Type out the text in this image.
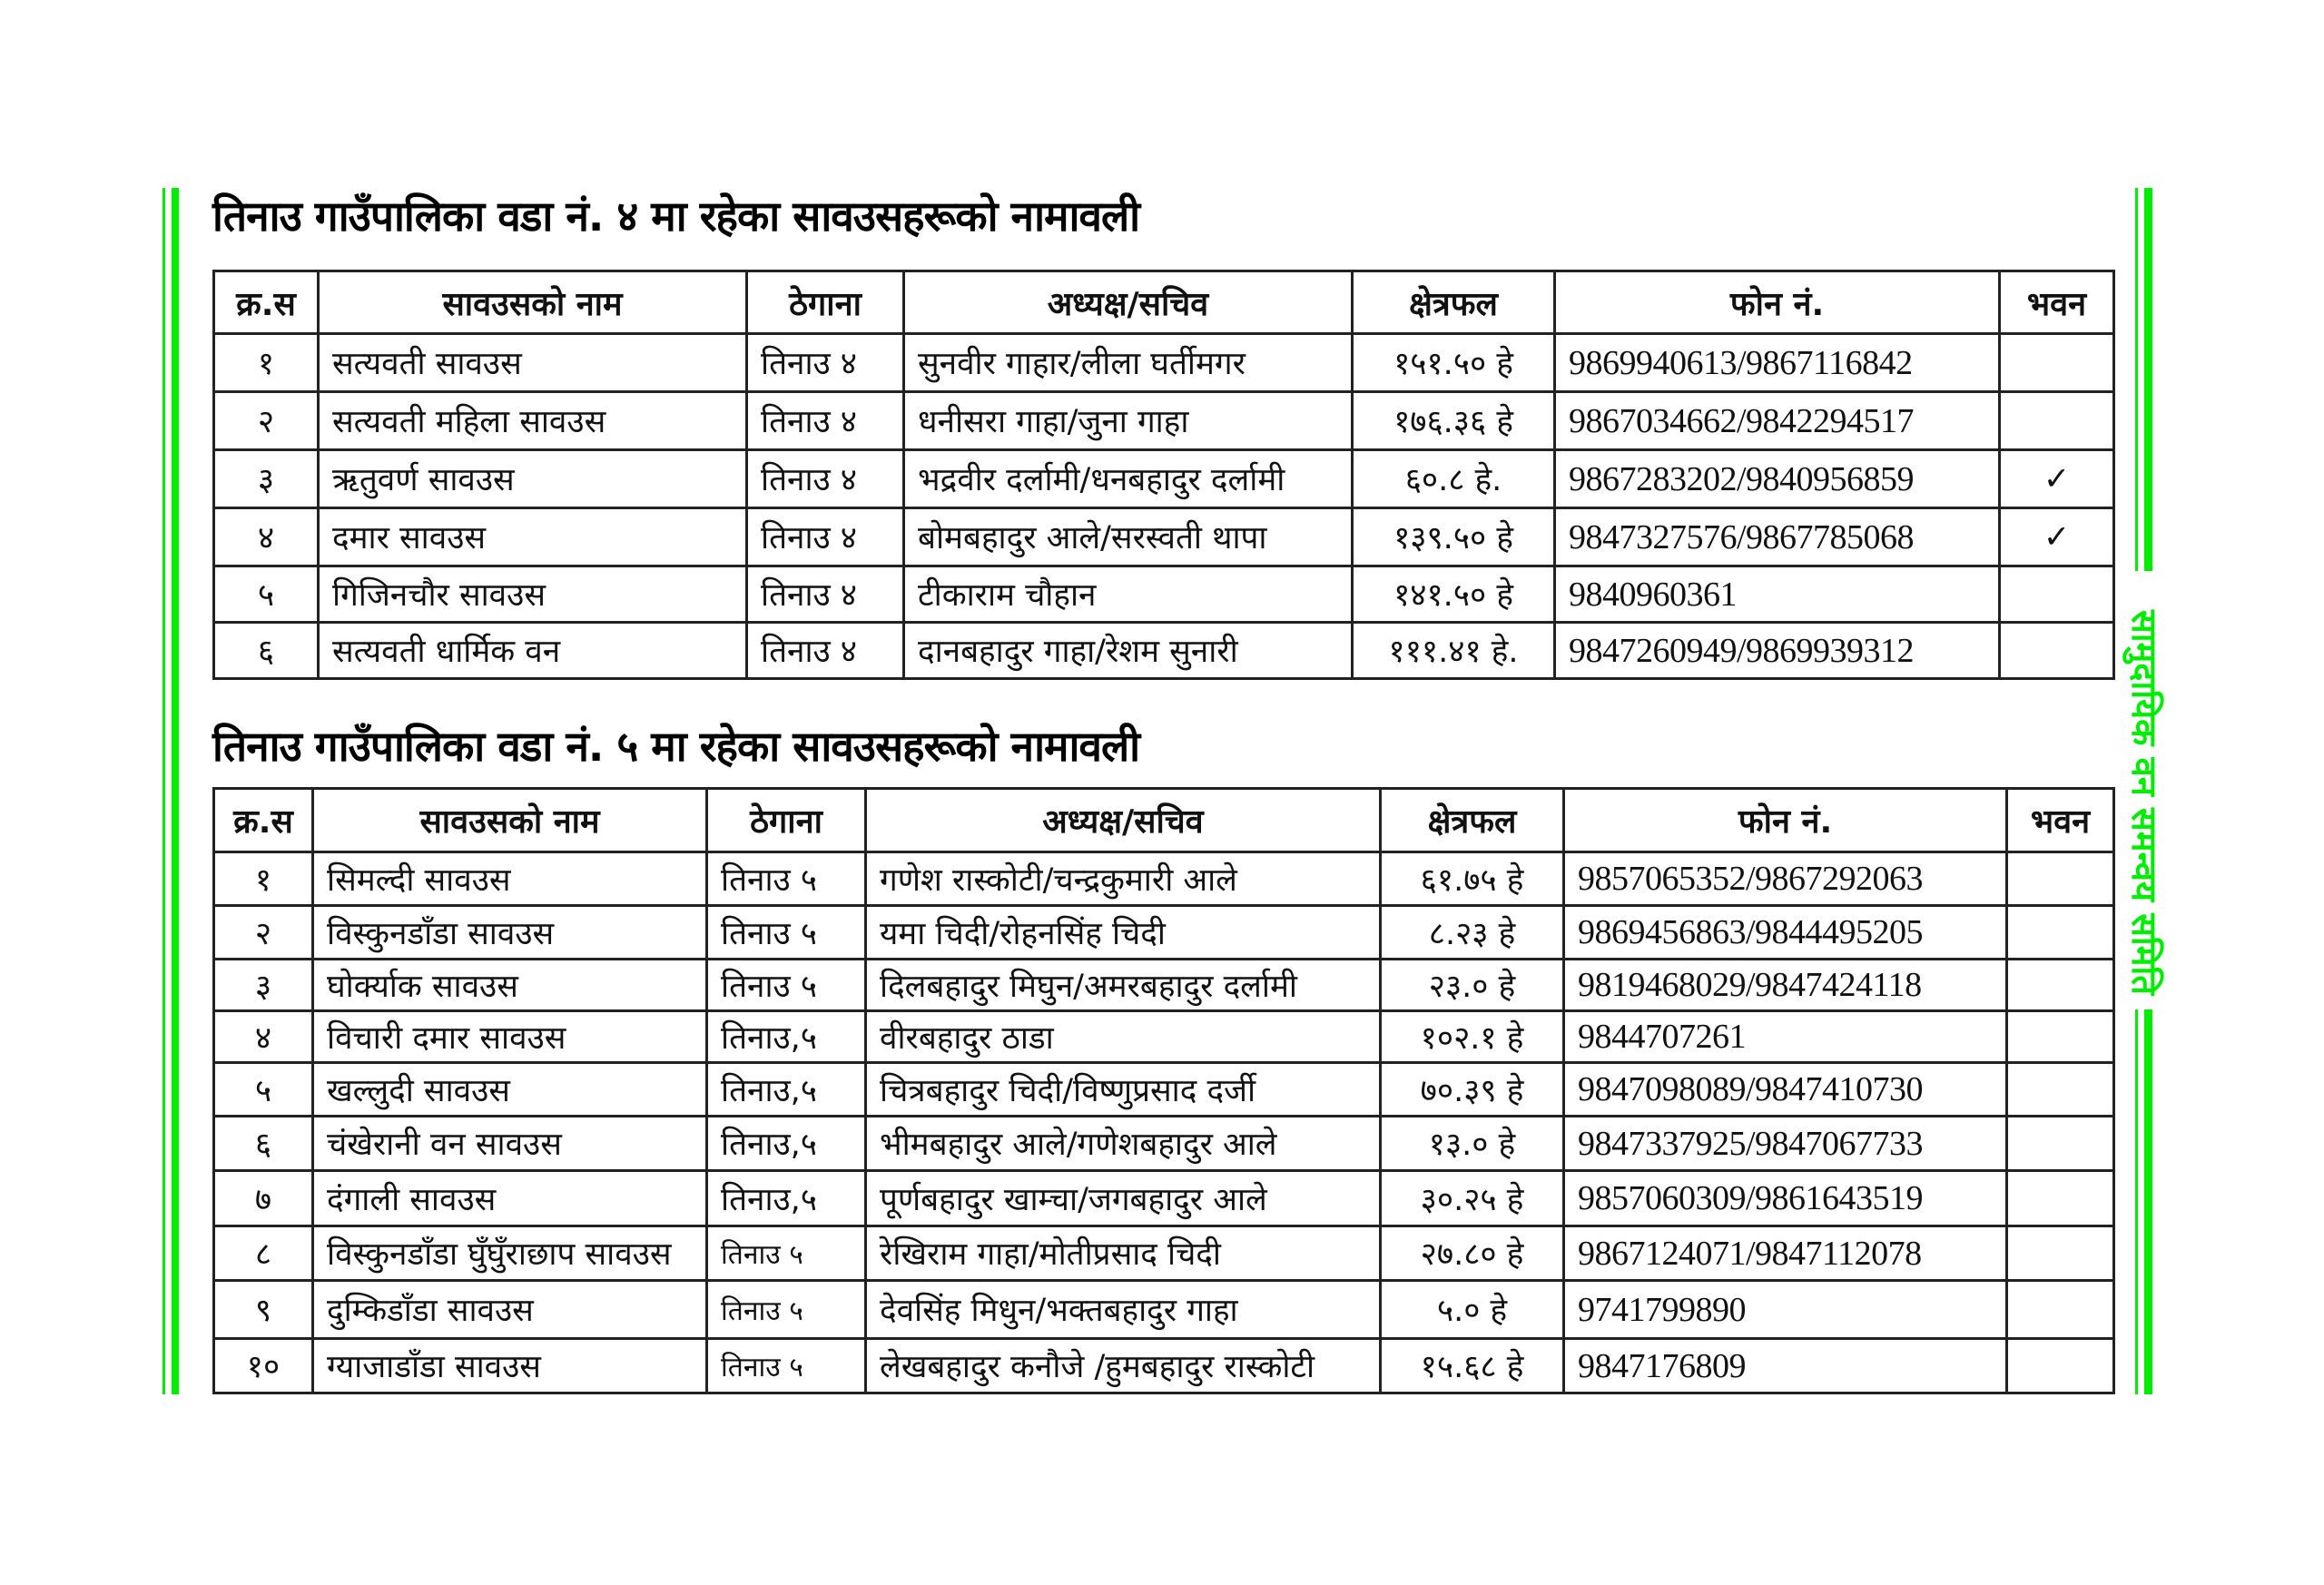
सामुदायिक वन समन्वय समिति
तिनाउ गाउँपालिका वडा नं. ४ मा रहेका सावउसहरूको नामावली
क्र.स	सावउसको नाम	ठेगाना	अध्यक्ष/सचिव	क्षेत्रफल	फोन नं.	भवन
१	सत्यवती सावउस	तिनाउ ४	सुनवीर गाहार/लीला घर्तीमगर	१५१.५० हे	9869940613/9867116842	
२	सत्यवती महिला सावउस	तिनाउ ४	धनीसरा गाहा/जुना गाहा	१७६.३६ हे	9867034662/9842294517	
३	ऋतुवर्ण सावउस	तिनाउ ४	भद्रवीर दर्लामी/धनबहादुर दर्लामी	६०.८ हे.	9867283202/9840956859	✓
४	दमार सावउस	तिनाउ ४	बोमबहादुर आले/सरस्वती थापा	१३९.५० हे	9847327576/9867785068	✓
५	गिजिनचौर सावउस	तिनाउ ४	टीकाराम चौहान	१४१.५० हे	9840960361	
६	सत्यवती धार्मिक वन	तिनाउ ४	दानबहादुर गाहा/रेशम सुनारी	१११.४१ हे.	9847260949/9869939312	
तिनाउ गाउँपालिका वडा नं. ५ मा रहेका सावउसहरूको नामावली
क्र.स	सावउसको नाम	ठेगाना	अध्यक्ष/सचिव	क्षेत्रफल	फोन नं.	भवन
१	सिमल्दी सावउस	तिनाउ ५	गणेश रास्कोटी/चन्द्रकुमारी आले	६१.७५ हे	9857065352/9867292063	
२	विस्कुनडाँडा सावउस	तिनाउ ५	यमा चिदी/रोहनसिंह चिदी	८.२३ हे	9869456863/9844495205	
३	घोर्क्याक सावउस	तिनाउ ५	दिलबहादुर मिघुन/अमरबहादुर दर्लामी	२३.० हे	9819468029/9847424118	
४	विचारी दमार सावउस	तिनाउ,५	वीरबहादुर ठाडा	१०२.१ हे	9844707261	
५	खल्लुदी सावउस	तिनाउ,५	चित्रबहादुर चिदी/विष्णुप्रसाद दर्जी	७०.३९ हे	9847098089/9847410730	
६	चंखेरानी वन सावउस	तिनाउ,५	भीमबहादुर आले/गणेशबहादुर आले	१३.० हे	9847337925/9847067733	
७	दंगाली सावउस	तिनाउ,५	पूर्णबहादुर खाम्चा/जगबहादुर आले	३०.२५ हे	9857060309/9861643519	
८	विस्कुनडाँडा घुँघुँराछाप सावउस	तिनाउ ५	रेखिराम गाहा/मोतीप्रसाद चिदी	२७.८० हे	9867124071/9847112078	
९	दुम्किडाँडा सावउस	तिनाउ ५	देवसिंह मिधुन/भक्तबहादुर गाहा	५.० हे	9741799890	
१०	ग्याजाडाँडा सावउस	तिनाउ ५	लेखबहादुर कनौजे /हुमबहादुर रास्कोटी	१५.६८ हे	9847176809	
